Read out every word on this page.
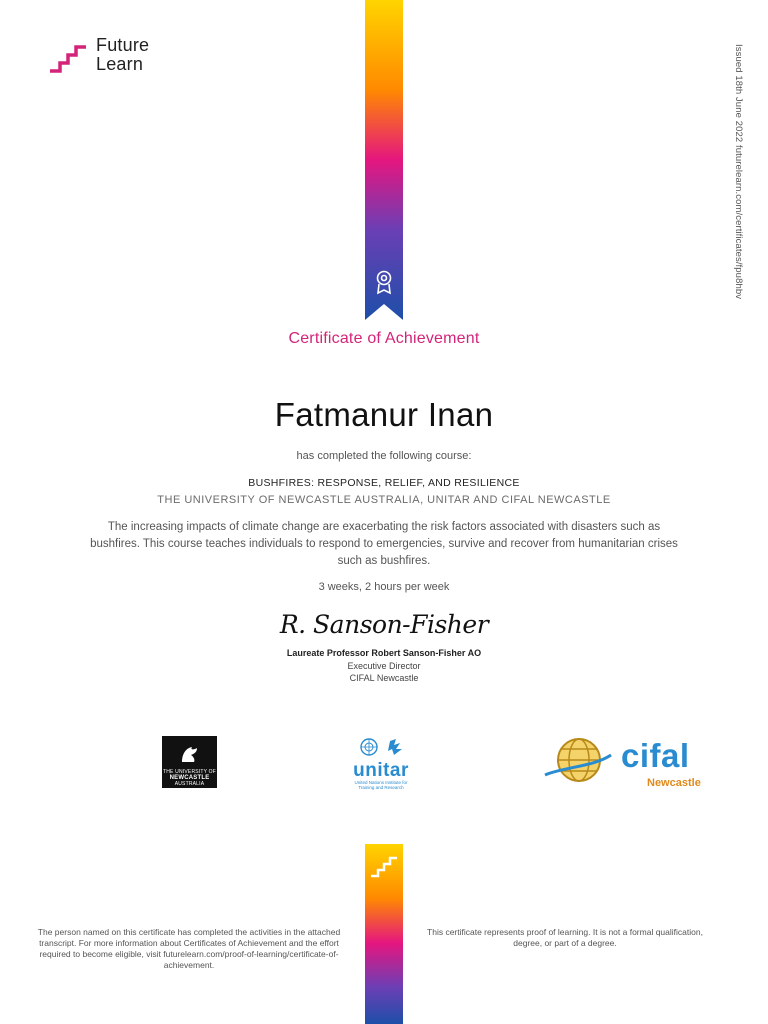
Future
Learn	Issued 18th June 2022 futurelearn.com/certificates/fpu8hbv
Certificate of Achievement
Fatmanur Inan
has completed the following course:
BUSHFIRES: RESPONSE, RELIEF, AND RESILIENCE
THE UNIVERSITY OF NEWCASTLE AUSTRALIA, UNITAR AND CIFAL NEWCASTLE
The increasing impacts of climate change are exacerbating the risk factors associated with disasters such as bushfires. This course teaches individuals to respond to emergencies, survive and recover from humanitarian crises such as bushfires.
3 weeks, 2 hours per week
R. Sanson-Fisher
Laureate Professor Robert Sanson-Fisher AO
Executive Director
CIFAL Newcastle
THE UNIVERSITY OF
NEWCASTLE
AUSTRALIA
unitar
United Nations Institute for Training and Research
cifal
Newcastle
The person named on this certificate has completed the activities in the attached transcript. For more information about Certificates of Achievement and the effort required to become eligible, visit futurelearn.com/proof-of-learning/certificate-of-achievement.
This certificate represents proof of learning. It is not a formal qualification, degree, or part of a degree.
